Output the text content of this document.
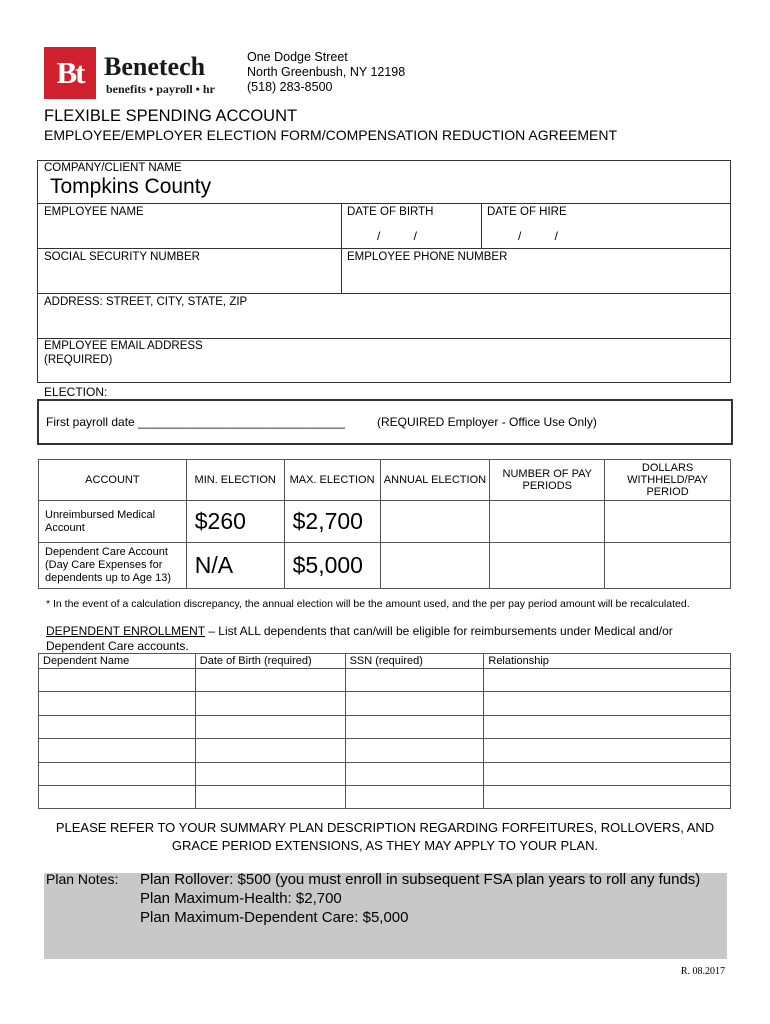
Bt Benetech
benefits • payroll • hr
One Dodge Street
North Greenbush, NY 12198
(518) 283-8500
FLEXIBLE SPENDING ACCOUNT
EMPLOYEE/EMPLOYER ELECTION FORM/COMPENSATION REDUCTION AGREEMENT
COMPANY/CLIENT NAME
Tompkins County
EMPLOYEE NAME	DATE OF BIRTH	DATE OF HIRE
/          /	/          /
SOCIAL SECURITY NUMBER	EMPLOYEE PHONE NUMBER
ADDRESS: STREET, CITY, STATE, ZIP
EMPLOYEE EMAIL ADDRESS
(REQUIRED)
ELECTION:
First payroll date _______________________________	(REQUIRED Employer - Office Use Only)
ACCOUNT	MIN. ELECTION	MAX. ELECTION	ANNUAL ELECTION	NUMBER OF PAY PERIODS	DOLLARS WITHHELD/PAY PERIOD
Unreimbursed Medical Account	$260	$2,700			
Dependent Care Account (Day Care Expenses for dependents up to Age 13)	N/A	$5,000			
* In the event of a calculation discrepancy, the annual election will be the amount used, and the per pay period amount will be recalculated.
DEPENDENT ENROLLMENT – List ALL dependents that can/will be eligible for reimbursements under Medical and/or
Dependent Care accounts.
Dependent Name	Date of Birth (required)	SSN (required)	Relationship

PLEASE REFER TO YOUR SUMMARY PLAN DESCRIPTION REGARDING FORFEITURES, ROLLOVERS, AND
GRACE PERIOD EXTENSIONS, AS THEY MAY APPLY TO YOUR PLAN.
Plan Notes: Plan Rollover: $500 (you must enroll in subsequent FSA plan years to roll any funds)
Plan Maximum-Health: $2,700
Plan Maximum-Dependent Care: $5,000
R. 08.2017
